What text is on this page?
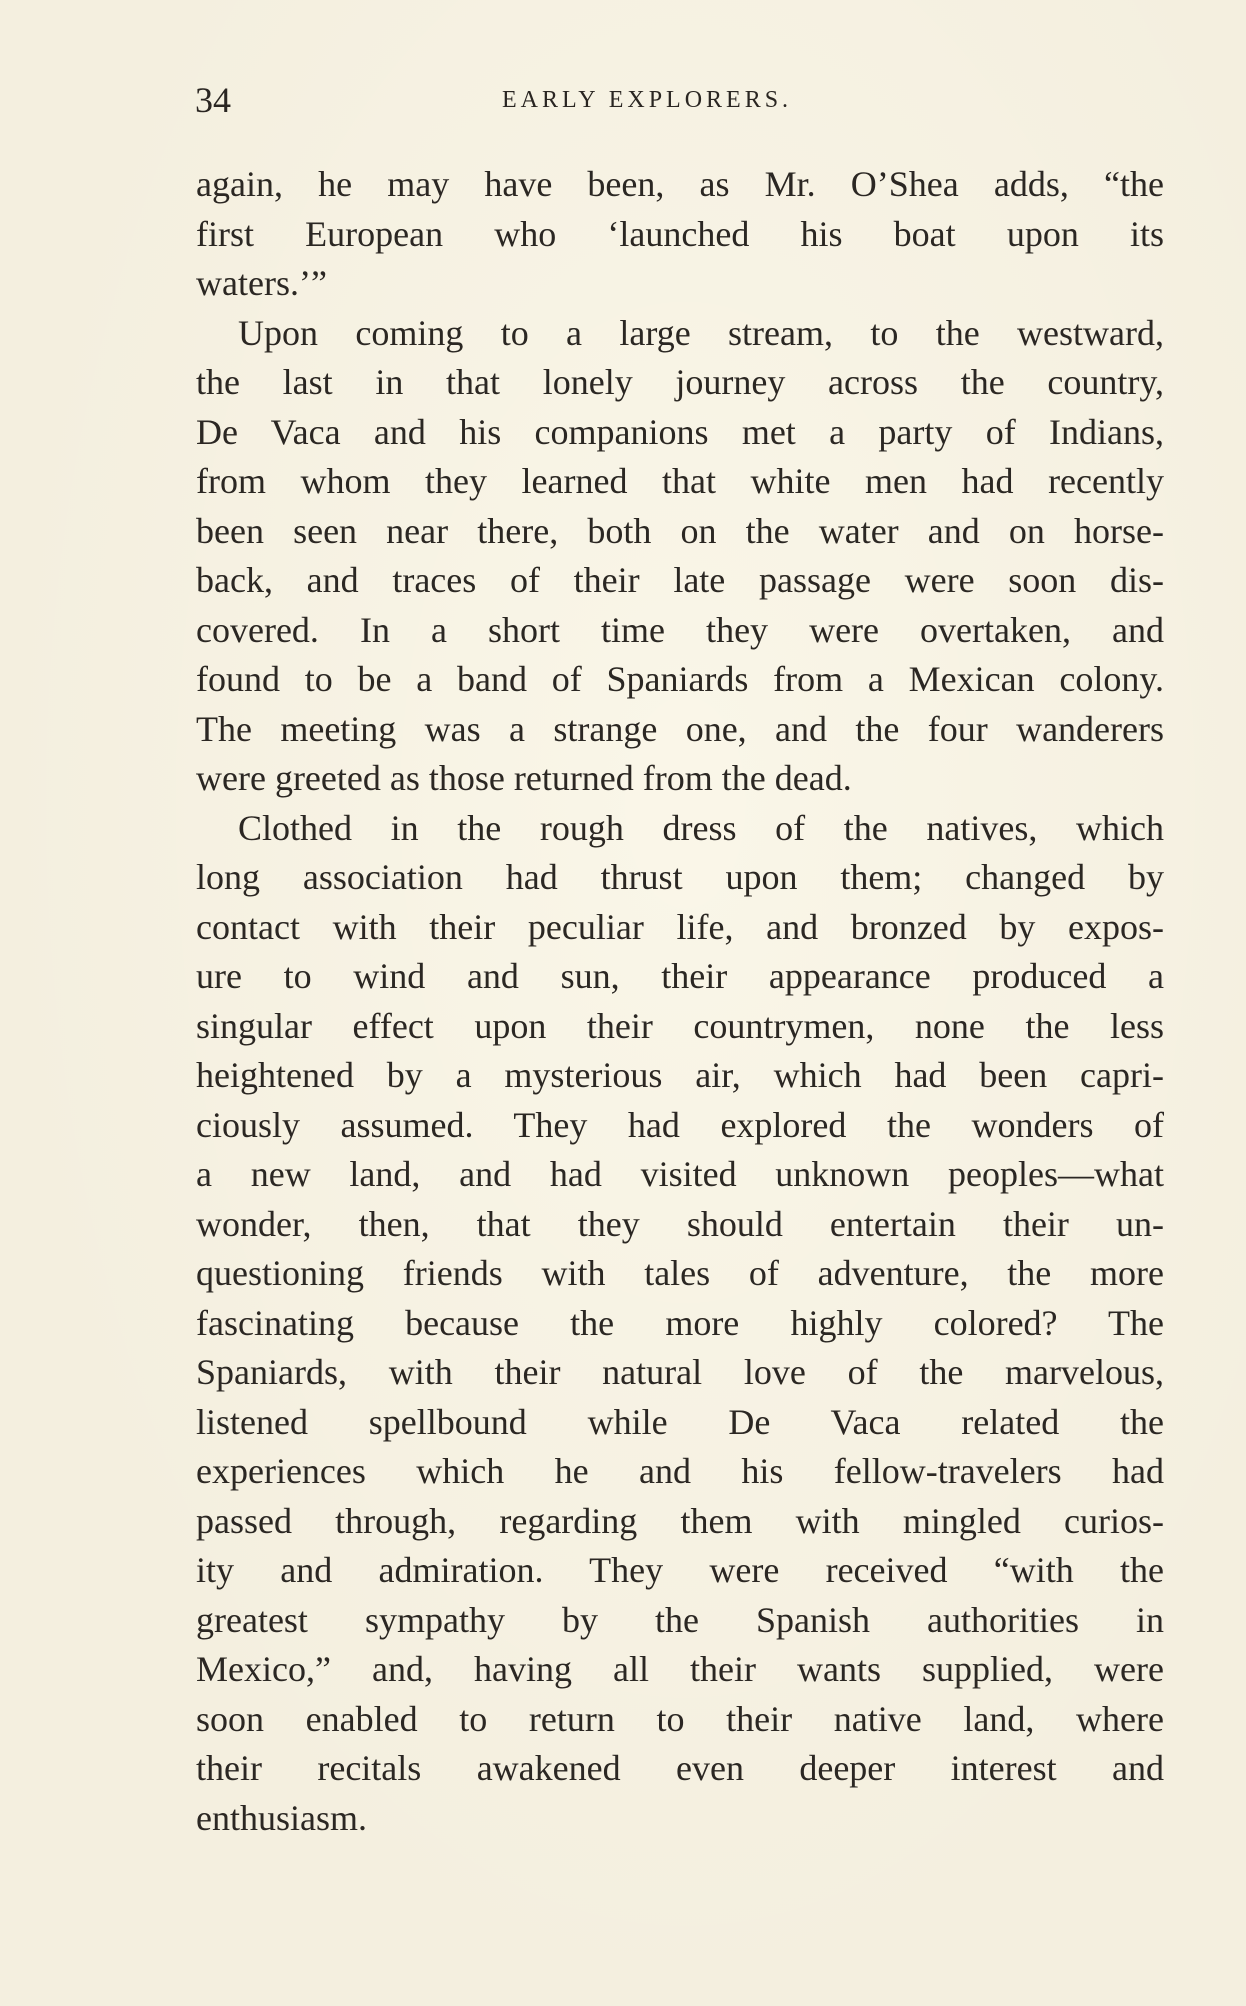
34	EARLY EXPLORERS.
again, he may have been, as Mr. O’Shea adds, “the
first European who ‘launched his boat upon its
waters.’”
Upon coming to a large stream, to the westward,
the last in that lonely journey across the country,
De Vaca and his companions met a party of Indians,
from whom they learned that white men had recently
been seen near there, both on the water and on horse-
back, and traces of their late passage were soon dis-
covered. In a short time they were overtaken, and
found to be a band of Spaniards from a Mexican colony.
The meeting was a strange one, and the four wanderers
were greeted as those returned from the dead.
Clothed in the rough dress of the natives, which
long association had thrust upon them; changed by
contact with their peculiar life, and bronzed by expos-
ure to wind and sun, their appearance produced a
singular effect upon their countrymen, none the less
heightened by a mysterious air, which had been capri-
ciously assumed. They had explored the wonders of
a new land, and had visited unknown peoples—what
wonder, then, that they should entertain their un-
questioning friends with tales of adventure, the more
fascinating because the more highly colored? The
Spaniards, with their natural love of the marvelous,
listened spellbound while De Vaca related the
experiences which he and his fellow-travelers had
passed through, regarding them with mingled curios-
ity and admiration. They were received “with the
greatest sympathy by the Spanish authorities in
Mexico,” and, having all their wants supplied, were
soon enabled to return to their native land, where
their recitals awakened even deeper interest and
enthusiasm.
